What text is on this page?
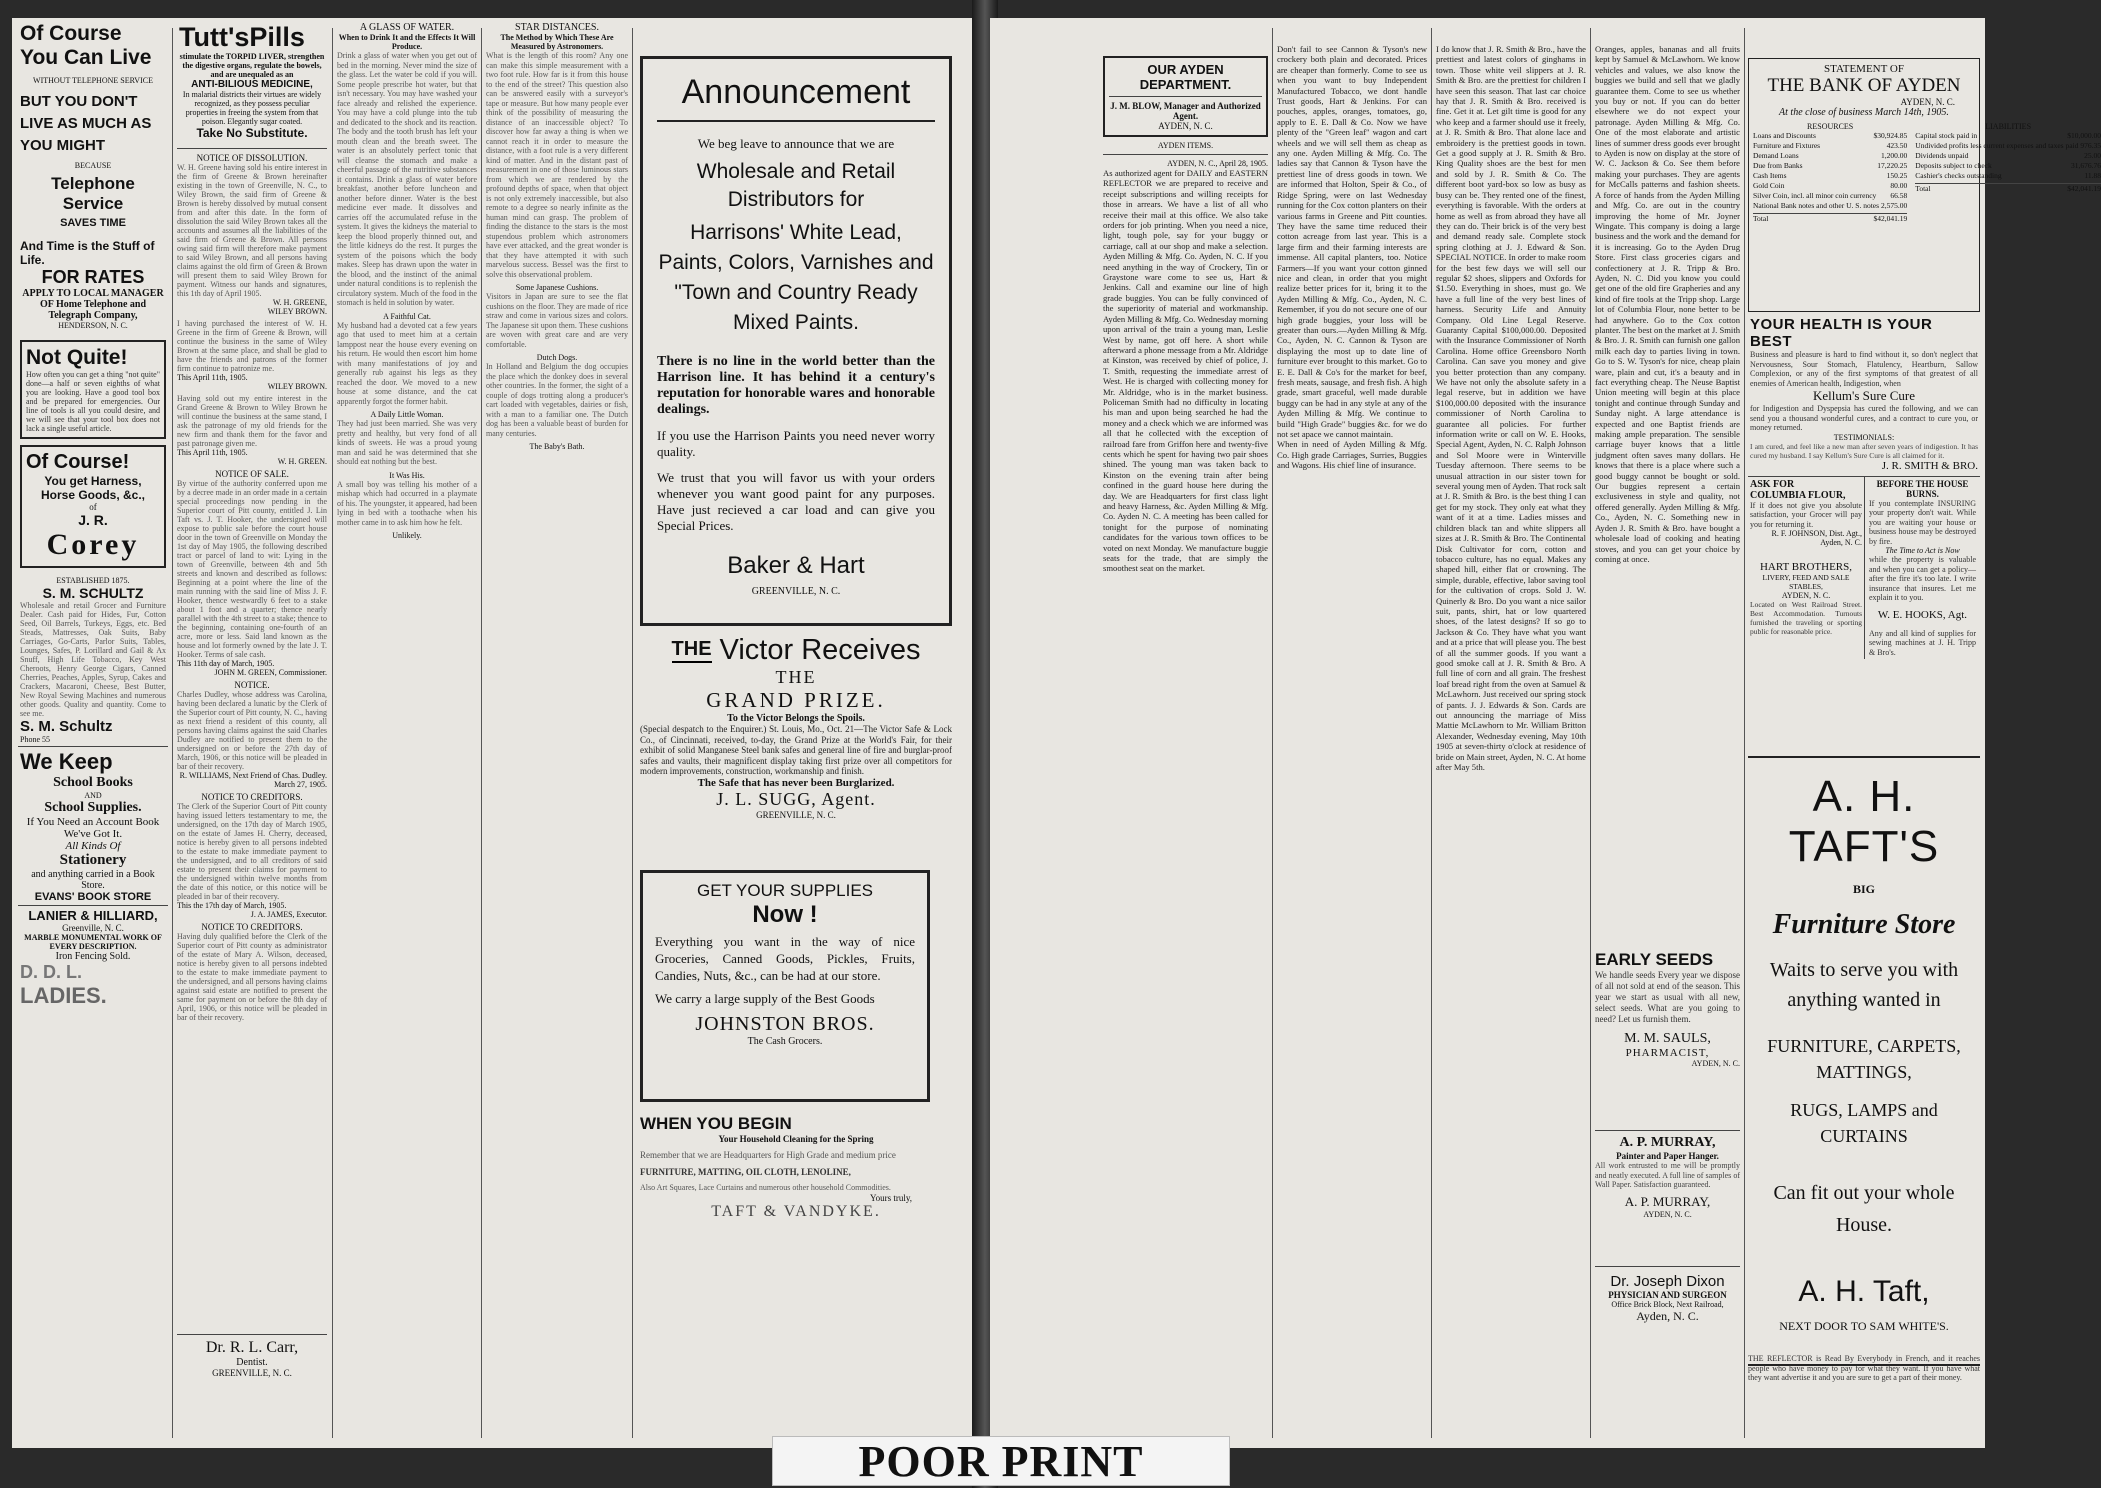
Of Course
You Can Live
WITHOUT TELEPHONE SERVICE
BUT YOU DON'T LIVE AS MUCH AS YOU MIGHT
BECAUSE
Telephone Service
SAVES TIME
And Time is the Stuff of Life.
FOR RATES
APPLY TO LOCAL MANAGER OF Home Telephone and Telegraph Company,
HENDERSON, N. C.
Not Quite!
How often you can get a thing "not quite" done—a half or seven eighths of what you are looking. Have a good tool box and be prepared for emergencies. Our line of tools is all you could desire, and we will see that your tool box does not lack a single useful article.
Of Course!
You get Harness, Horse Goods, &c.,
of
J. R.
Corey
ESTABLISHED 1875.
S. M. SCHULTZ
Wholesale and retail Grocer and Furniture Dealer. Cash paid for Hides, Fur, Cotton Seed, Oil Barrels, Turkeys, Eggs, etc. Bed Steads, Mattresses, Oak Suits, Baby Carriages, Go-Carts, Parlor Suits, Tables, Lounges, Safes, P. Lorillard and Gail & Ax Snuff, High Life Tobacco, Key West Cheroots, Henry George Cigars, Canned Cherries, Peaches, Apples, Syrup, Cakes and Crackers, Macaroni, Cheese, Best Butter, New Royal Sewing Machines and numerous other goods. Quality and quantity. Come to see me.
S. M. Schultz
Phone 55
We Keep
School Books
AND
School Supplies.
If You Need an Account Book We've Got It.
All Kinds Of
Stationery
and anything carried in a Book Store.
EVANS' BOOK STORE
LANIER & HILLIARD,
Greenville, N. C.
MARBLE MONUMENTAL WORK OF EVERY DESCRIPTION.
Iron Fencing Sold.
D. D. L.
LADIES.
Tutt'sPills
stimulate the TORPID LIVER, strengthen the digestive organs, regulate the bowels, and are unequaled as an
ANTI-BILIOUS MEDICINE,
In malarial districts their virtues are widely recognized, as they possess peculiar properties in freeing the system from that poison. Elegantly sugar coated.
Take No Substitute.
NOTICE OF DISSOLUTION.
W. H. Greene having sold his entire interest in the firm of Greene & Brown hereinafter existing in the town of Greenville, N. C., to Wiley Brown, the said firm of Greene & Brown is hereby dissolved by mutual consent from and after this date. In the form of dissolution the said Wiley Brown takes all the accounts and assumes all the liabilities of the said firm of Greene & Brown. All persons owing said firm will therefore make payment to said Wiley Brown, and all persons having claims against the old firm of Green & Brown will present them to said Wiley Brown for payment. Witness our hands and signatures, this 1th day of April 1905.
W. H. GREENE,
WILEY BROWN.
I having purchased the interest of W. H. Greene in the firm of Greene & Brown, will continue the business in the same of Wiley Brown at the same place, and shall be glad to have the friends and patrons of the former firm continue to patronize me.
This April 11th, 1905.
WILEY BROWN.
Having sold out my entire interest in the Grand Greene & Brown to Wiley Brown he will continue the business at the same stand, I ask the patronage of my old friends for the new firm and thank them for the favor and past patronage given me.
This April 11th, 1905.
W. H. GREEN.
NOTICE OF SALE.
By virtue of the authority conferred upon me by a decree made in an order made in a certain special proceedings now pending in the Superior court of Pitt county, entitled J. Lin Taft vs. J. T. Hooker, the undersigned will expose to public sale before the court house door in the town of Greenville on Monday the 1st day of May 1905, the following described tract or parcel of land to wit: Lying in the town of Greenville, between 4th and 5th streets and known and described as follows: Beginning at a point where the line of the main running with the said line of Miss J. F. Hooker, thence westwardly 6 feet to a stake about 1 foot and a quarter; thence nearly parallel with the 4th street to a stake; thence to the beginning, containing one-fourth of an acre, more or less. Said land known as the house and lot formerly owned by the late J. T. Hooker. Terms of sale cash.
This 11th day of March, 1905.
JOHN M. GREEN, Commissioner.
NOTICE.
Charles Dudley, whose address was Carolina, having been declared a lunatic by the Clerk of the Superior court of Pitt county, N. C., having as next friend a resident of this county, all persons having claims against the said Charles Dudley are notified to present them to the undersigned on or before the 27th day of March, 1906, or this notice will be pleaded in bar of their recovery.
R. WILLIAMS, Next Friend of Chas. Dudley. March 27, 1905.
NOTICE TO CREDITORS.
The Clerk of the Superior Court of Pitt county having issued letters testamentary to me, the undersigned, on the 17th day of March 1905, on the estate of James H. Cherry, deceased, notice is hereby given to all persons indebted to the estate to make immediate payment to the undersigned, and to all creditors of said estate to present their claims for payment to the undersigned within twelve months from the date of this notice, or this notice will be pleaded in bar of their recovery.
This the 17th day of March, 1905.
J. A. JAMES, Executor.
NOTICE TO CREDITORS.
Having duly qualified before the Clerk of the Superior court of Pitt county as administrator of the estate of Mary A. Wilson, deceased, notice is hereby given to all persons indebted to the estate to make immediate payment to the undersigned, and all persons having claims against said estate are notified to present the same for payment on or before the 8th day of April, 1906, or this notice will be pleaded in bar of their recovery.
Dr. R. L. Carr,
Dentist.
GREENVILLE, N. C.
A GLASS OF WATER.
When to Drink It and the Effects It Will Produce.
Drink a glass of water when you get out of bed in the morning. Never mind the size of the glass. Let the water be cold if you will. Some people prescribe hot water, but that isn't necessary. You may have washed your face already and relished the experience. You may have a cold plunge into the tub and dedicated to the shock and its reaction. The body and the tooth brush has left your mouth clean and the breath sweet. The water is an absolutely perfect tonic that will cleanse the stomach and make a cheerful passage of the nutritive substances it contains. Drink a glass of water before breakfast, another before luncheon and another before dinner. Water is the best medicine ever made. It dissolves and carries off the accumulated refuse in the system. It gives the kidneys the material to keep the blood properly thinned out, and the little kidneys do the rest. It purges the system of the poisons which the body makes. Sleep has drawn upon the water in the blood, and the instinct of the animal under natural conditions is to replenish the circulatory system. Much of the food in the stomach is held in solution by water.
A Faithful Cat.
My husband had a devoted cat a few years ago that used to meet him at a certain lamppost near the house every evening on his return. He would then escort him home with many manifestations of joy and generally rub against his legs as they reached the door. We moved to a new house at some distance, and the cat apparently forgot the former habit.
A Daily Little Woman.
They had just been married. She was very pretty and healthy, but very fond of all kinds of sweets. He was a proud young man and said he was determined that she should eat nothing but the best.
It Was His.
A small boy was telling his mother of a mishap which had occurred in a playmate of his. The youngster, it appeared, had been lying in bed with a toothache when his mother came in to ask him how he felt.
Unlikely.
STAR DISTANCES.
The Method by Which These Are Measured by Astronomers.
What is the length of this room? Any one can make this simple measurement with a two foot rule. How far is it from this house to the end of the street? This question also can be answered easily with a surveyor's tape or measure. But how many people ever think of the possibility of measuring the distance of an inaccessible object? To discover how far away a thing is when we cannot reach it in order to measure the distance, with a foot rule is a very different kind of matter. And in the distant past of measurement in one of those luminous stars from which we are rendered by the profound depths of space, when that object is not only extremely inaccessible, but also remote to a degree so nearly infinite as the human mind can grasp. The problem of finding the distance to the stars is the most stupendous problem which astronomers have ever attacked, and the great wonder is that they have attempted it with such marvelous success. Bessel was the first to solve this observational problem.
Some Japanese Cushions.
Visitors in Japan are sure to see the flat cushions on the floor. They are made of rice straw and come in various sizes and colors. The Japanese sit upon them. These cushions are woven with great care and are very comfortable.
Dutch Dogs.
In Holland and Belgium the dog occupies the place which the donkey does in several other countries. In the former, the sight of a couple of dogs trotting along a producer's cart loaded with vegetables, dairies or fish, with a man to a familiar one. The Dutch dog has been a valuable beast of burden for many centuries.
The Baby's Bath.
Announcement
We beg leave to announce that we are
Wholesale and Retail Distributors for
Harrisons' White Lead, Paints, Colors, Varnishes and "Town and Country Ready Mixed Paints.
There is no line in the world better than the Harrison line. It has behind it a century's reputation for honorable wares and honorable dealings.
If you use the Harrison Paints you need never worry quality.
We trust that you will favor us with your orders whenever you want good paint for any purposes. Have just recieved a car load and can give you Special Prices.
Baker & Hart
GREENVILLE, N. C.
THE Victor Receives
THE
GRAND PRIZE.
To the Victor Belongs the Spoils.
(Special despatch to the Enquirer.) St. Louis, Mo., Oct. 21—The Victor Safe & Lock Co., of Cincinnati, received, to-day, the Grand Prize at the World's Fair, for their exhibit of solid Manganese Steel bank safes and general line of fire and burglar-proof safes and vaults, their magnificent display taking first prize over all competitors for modern improvements, construction, workmanship and finish.
The Safe that has never been Burglarized.
J. L. SUGG, Agent.
GREENVILLE, N. C.
GET YOUR SUPPLIES
Now !
Everything you want in the way of nice Groceries, Canned Goods, Pickles, Fruits, Candies, Nuts, &c., can be had at our store.
We carry a large supply of the Best Goods
JOHNSTON BROS.
The Cash Grocers.
WHEN YOU BEGIN
Your Household Cleaning for the Spring
Remember that we are Headquarters for High Grade and medium price
FURNITURE, MATTING, OIL CLOTH, LENOLINE,
Also Art Squares, Lace Curtains and numerous other household Commodities.
Yours truly,
TAFT & VANDYKE.
OUR AYDEN DEPARTMENT.
J. M. BLOW, Manager and Authorized Agent.
AYDEN, N. C.
AYDEN ITEMS.
AYDEN, N. C., April 28, 1905.
As authorized agent for DAILY and EASTERN REFLECTOR we are prepared to receive and receipt subscriptions and willing receipts for those in arrears. We have a list of all who receive their mail at this office. We also take orders for job printing. When you need a nice, light, tough pole, say for your buggy or carriage, call at our shop and make a selection. Ayden Milling & Mfg. Co. Ayden, N. C. If you need anything in the way of Crockery, Tin or Graystone ware come to see us, Hart & Jenkins. Call and examine our line of high grade buggies. You can be fully convinced of the superiority of material and workmanship. Ayden Milling & Mfg. Co. Wednesday morning upon arrival of the train a young man, Leslie West by name, got off here. A short while afterward a phone message from a Mr. Aldridge at Kinston, was received by chief of police, J. T. Smith, requesting the immediate arrest of West. He is charged with collecting money for Mr. Aldridge, who is in the market business. Policeman Smith had no difficulty in locating his man and upon being searched he had the money and a check which we are informed was all that he collected with the exception of railroad fare from Griffon here and twenty-five cents which he spent for having two pair shoes shined. The young man was taken back to Kinston on the evening train after being confined in the guard house here during the day. We are Headquarters for first class light and heavy Harness, &c. Ayden Milling & Mfg. Co. Ayden N. C. A meeting has been called for tonight for the purpose of nominating candidates for the various town offices to be voted on next Monday. We manufacture buggie seats for the trade, that are simply the smoothest seat on the market.
Don't fail to see Cannon & Tyson's new crockery both plain and decorated. Prices are cheaper than formerly. Come to see us when you want to buy Independent Manufactured Tobacco, we dont handle Trust goods, Hart & Jenkins. For can pouches, apples, oranges, tomatoes, go, apply to E. E. Dall & Co. Now we have plenty of the "Green leaf" wagon and cart wheels and we will sell them as cheap as any one. Ayden Milling & Mfg. Co. The ladies say that Cannon & Tyson have the prettiest line of dress goods in town. We are informed that Holton, Speir & Co., of Ridge Spring, were on last Wednesday running for the Cox cotton planters on their various farms in Greene and Pitt counties. They have the same time reduced their cotton acreage from last year. This is a large firm and their farming interests are immense. All capital planters, too. Notice Farmers—If you want your cotton ginned nice and clean, in order that you might realize better prices for it, bring it to the Ayden Milling & Mfg. Co., Ayden, N. C. Remember, if you do not secure one of our high grade buggies, your loss will be greater than ours.—Ayden Milling & Mfg. Co., Ayden, N. C. Cannon & Tyson are displaying the most up to date line of furniture ever brought to this market. Go to E. E. Dall & Co's for the market for beef, fresh meats, sausage, and fresh fish. A high grade, smart graceful, well made durable buggy can be had in any style at any of the Ayden Milling & Mfg. We continue to build "High Grade" buggies &c. for we do not set apace we cannot maintain.
When in need of Ayden Milling & Mfg. Co. High grade Carriages, Surries, Buggies and Wagons. His chief line of insurance.
I do know that J. R. Smith & Bro., have the prettiest and latest colors of ginghams in town. Those white veil slippers at J. R. Smith & Bro. are the prettiest for children I have seen this season. That last car choice hay that J. R. Smith & Bro. received is fine. Get it at. Let gilt time is good for any who keep and a farmer should use it freely, at J. R. Smith & Bro. That alone lace and embroidery is the prettiest goods in town. Get a good supply at J. R. Smith & Bro. King Quality shoes are the best for men and sold by J. R. Smith & Co. The different boot yard-box so low as busy as busy can be. They rented one of the finest, everything is favorable. With the orders at home as well as from abroad they have all they can do. Their brick is of the very best and demand ready sale. Complete stock spring clothing at J. J. Edward & Son. SPECIAL NOTICE. In order to make room for the best few days we will sell our regular $2 shoes, slippers and Oxfords for $1.50. Everything in shoes, must go. We have a full line of the very best lines of harness. Security Life and Annuity Company. Old Line Legal Reserve. Guaranty Capital $100,000.00. Deposited with the Insurance Commissioner of North Carolina. Home office Greensboro North Carolina. Can save you money and give you better protection than any company. We have not only the absolute safety in a legal reserve, but in addition we have $100,000.00 deposited with the insurance commissioner of North Carolina to guarantee all policies. For further information write or call on W. E. Hooks, Special Agent, Ayden, N. C. Ralph Johnson and Sol Moore were in Winterville Tuesday afternoon. There seems to be unusual attraction in our sister town for several young men of Ayden. That rock salt at J. R. Smith & Bro. is the best thing I can get for my stock. They only eat what they want of it at a time. Ladies misses and children black tan and white slippers all sizes at J. R. Smith & Bro. The Continental Disk Cultivator for corn, cotton and tobacco culture, has no equal. Makes any shaped hill, either flat or crowning. The simple, durable, effective, labor saving tool for the cultivation of crops. Sold J. W. Quinerly & Bro. Do you want a nice sailor suit, pants, shirt, hat or low quartered shoes, of the latest designs? If so go to Jackson & Co. They have what you want and at a price that will please you. The best of all the summer goods. If you want a good smoke call at J. R. Smith & Bro. A full line of corn and all grain. The freshest loaf bread right from the oven at Samuel & McLawhorn. Just received our spring stock of pants. J. J. Edwards & Son. Cards are out announcing the marriage of Miss Mattie McLawhorn to Mr. William Britton Alexander, Wednesday evening, May 10th 1905 at seven-thirty o'clock at residence of bride on Main street, Ayden, N. C. At home after May 5th.
Oranges, apples, bananas and all fruits kept by Samuel & McLawhorn. We know vehicles and values, we also know the buggies we build and sell that we gladly guarantee them. Come to see us whether you buy or not. If you can do better elsewhere we do not expect your patronage. Ayden Milling & Mfg. Co. One of the most elaborate and artistic lines of summer dress goods ever brought to Ayden is now on display at the store of W. C. Jackson & Co. See them before making your purchases. They are agents for McCalls patterns and fashion sheets. A force of hands from the Ayden Milling and Mfg. Co. are out in the country improving the home of Mr. Joyner Wingate. This company is doing a large business and the work and the demand for it is increasing. Go to the Ayden Drug Store. First class groceries cigars and confectionery at J. R. Tripp & Bro. Ayden, N. C. Did you know you could get one of the old fire Grapheries and any kind of fire tools at the Tripp shop. Large lot of Columbia Flour, none better to be had anywhere. Go to the Cox cotton planter. The best on the market at J. Smith & Bro. J. R. Smith can furnish one gallon milk each day to parties living in town. Go to S. W. Tyson's for nice, cheap plain ware, plain and cut, it's a beauty and in fact everything cheap. The Neuse Baptist Union meeting will begin at this place tonight and continue through Sunday and Sunday night. A large attendance is expected and one Baptist friends are making ample preparation. The sensible carriage buyer knows that a little judgment often saves many dollars. He knows that there is a place where such a good buggy cannot be bought or sold. Our buggies represent a certain exclusiveness in style and quality, not offered generally. Ayden Milling & Mfg. Co., Ayden, N. C. Something new in Ayden J. R. Smith & Bro. have bought a wholesale load of cooking and heating stoves, and you can get your choice by coming at once.
EARLY SEEDS
We handle seeds Every year we dispose of all not sold at end of the season. This year we start as usual with all new, select seeds. What are you going to need? Let us furnish them.
M. M. SAULS,
PHARMACIST,
AYDEN, N. C.
A. P. MURRAY,
Painter and Paper Hanger.
All work entrusted to me will be promptly and neatly executed. A full line of samples of Wall Paper. Satisfaction guaranteed.
A. P. MURRAY,
AYDEN, N. C.
Dr. Joseph Dixon
PHYSICIAN AND SURGEON
Office Brick Block, Next Railroad,
Ayden, N. C.
STATEMENT OF
THE BANK OF AYDEN
AYDEN, N. C.
At the close of business March 14th, 1905.
RESOURCES
Loans and Discounts	$30,924.85
Furniture and Fixtures	423.50
Demand Loans	1,200.00
Due from Banks	17,220.25
Cash Items	150.25
Gold Coin	80.00
Silver Coin, incl. all minor coin currency 66.58
National Bank notes and other U. S. notes 2,575.00
Total	$42,041.19
LIABILITIES
Capital stock paid in	$10,000.00
Undivided profits less current expenses and taxes paid 976.35
Dividends unpaid	25.00
Deposits subject to check	31,676.76
Cashier's checks outstanding	11.88
Total	$42,041.19
YOUR HEALTH IS YOUR BEST
Business and pleasure is hard to find without it, so don't neglect that Nervousness, Sour Stomach, Flatulency, Heartburn, Sallow Complexion, or any of the first symptoms of that greatest of all enemies of American health, Indigestion, when
Kellum's Sure Cure
for Indigestion and Dyspepsia has cured the following, and we can send you a thousand wonderful cures, and a contract to cure you, or money returned.
TESTIMONIALS:
I am cured, and feel like a new man after seven years of indigestion. It has cured my husband. I say Kellum's Sure Cure is all claimed for it.
J. R. SMITH & BRO.
ASK FOR
COLUMBIA FLOUR,
If it does not give you absolute satisfaction, your Grocer will pay you for returning it.
R. F. JOHNSON, Dist. Agt., Ayden, N. C.
HART BROTHERS,
LIVERY, FEED AND SALE STABLES,
AYDEN, N. C.
Located on West Railroad Street. Best Accommodation. Turnouts furnished the traveling or sporting public for reasonable price.
BEFORE THE HOUSE BURNS.
If you contemplate INSURING your property don't wait. While you are waiting your house or business house may be destroyed by fire.
The Time to Act is Now
while the property is valuable and when you can get a policy—after the fire it's too late. I write insurance that insures. Let me explain it to you.
W. E. HOOKS, Agt.
Any and all kind of supplies for sewing machines at J. H. Tripp & Bro's.
A. H. TAFT'S
BIG
Furniture Store
Waits to serve you with anything wanted in
FURNITURE, CARPETS, MATTINGS,
RUGS, LAMPS and CURTAINS
Can fit out your whole House.
A. H. Taft,
NEXT DOOR TO SAM WHITE'S.
THE REFLECTOR is Read By Everybody in French, and it reaches people who have money to pay for what they want. If you have what they want advertise it and you are sure to get a part of their money.
POOR PRINT
